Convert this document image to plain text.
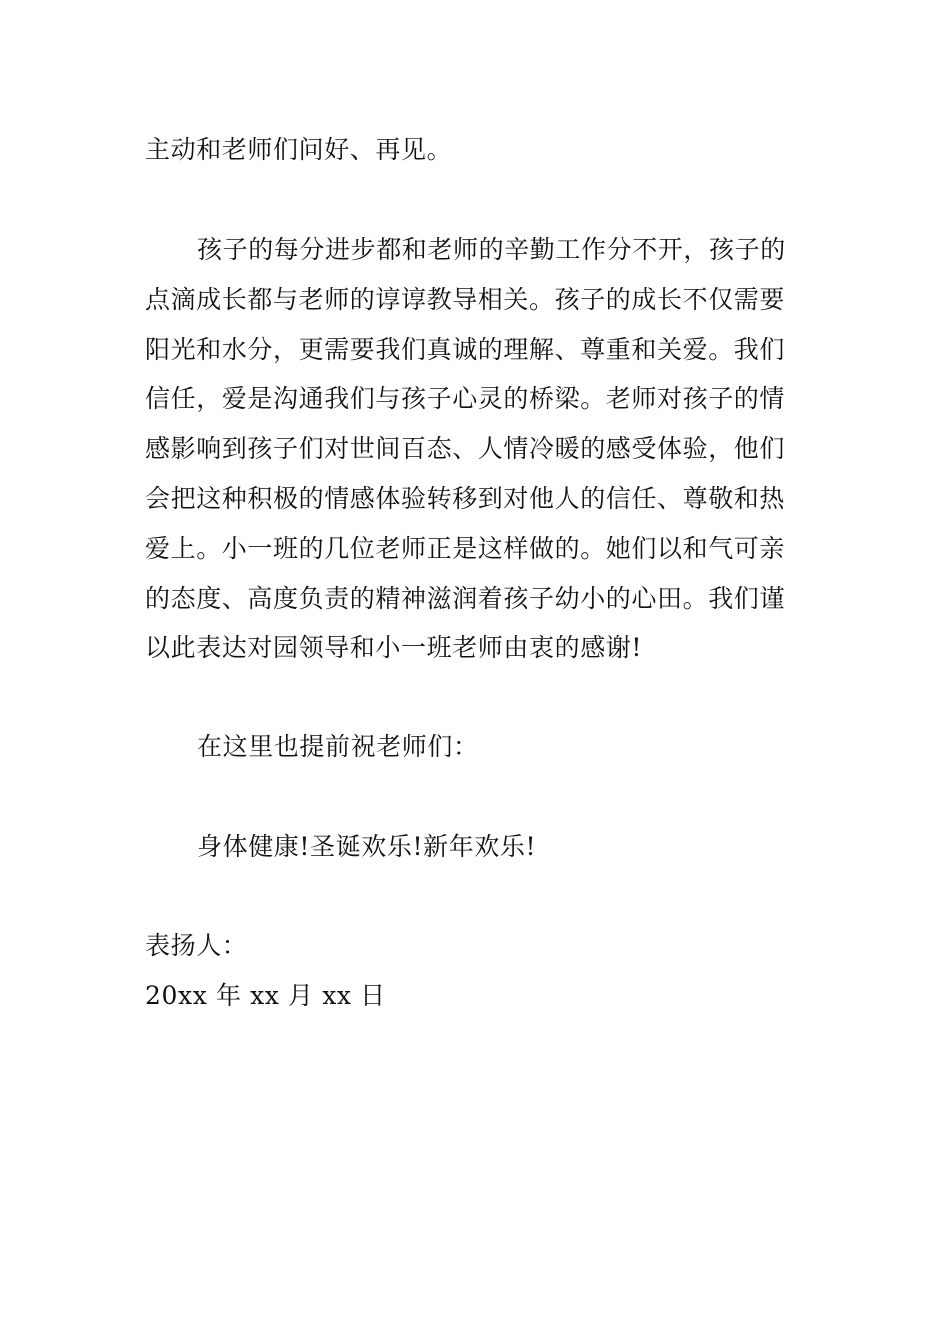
主动和老师们问好、再见。
孩子的每分进步都和老师的辛勤工作分不开，孩子的
点滴成长都与老师的谆谆教导相关。孩子的成长不仅需要
阳光和水分，更需要我们真诚的理解、尊重和关爱。我们
信任，爱是沟通我们与孩子心灵的桥梁。老师对孩子的情
感影响到孩子们对世间百态、人情冷暖的感受体验，他们
会把这种积极的情感体验转移到对他人的信任、尊敬和热
爱上。小一班的几位老师正是这样做的。她们以和气可亲
的态度、高度负责的精神滋润着孩子幼小的心田。我们谨
以此表达对园领导和小一班老师由衷的感谢!
在这里也提前祝老师们：
身体健康!圣诞欢乐!新年欢乐!
表扬人：
20xx 年 xx 月 xx 日
